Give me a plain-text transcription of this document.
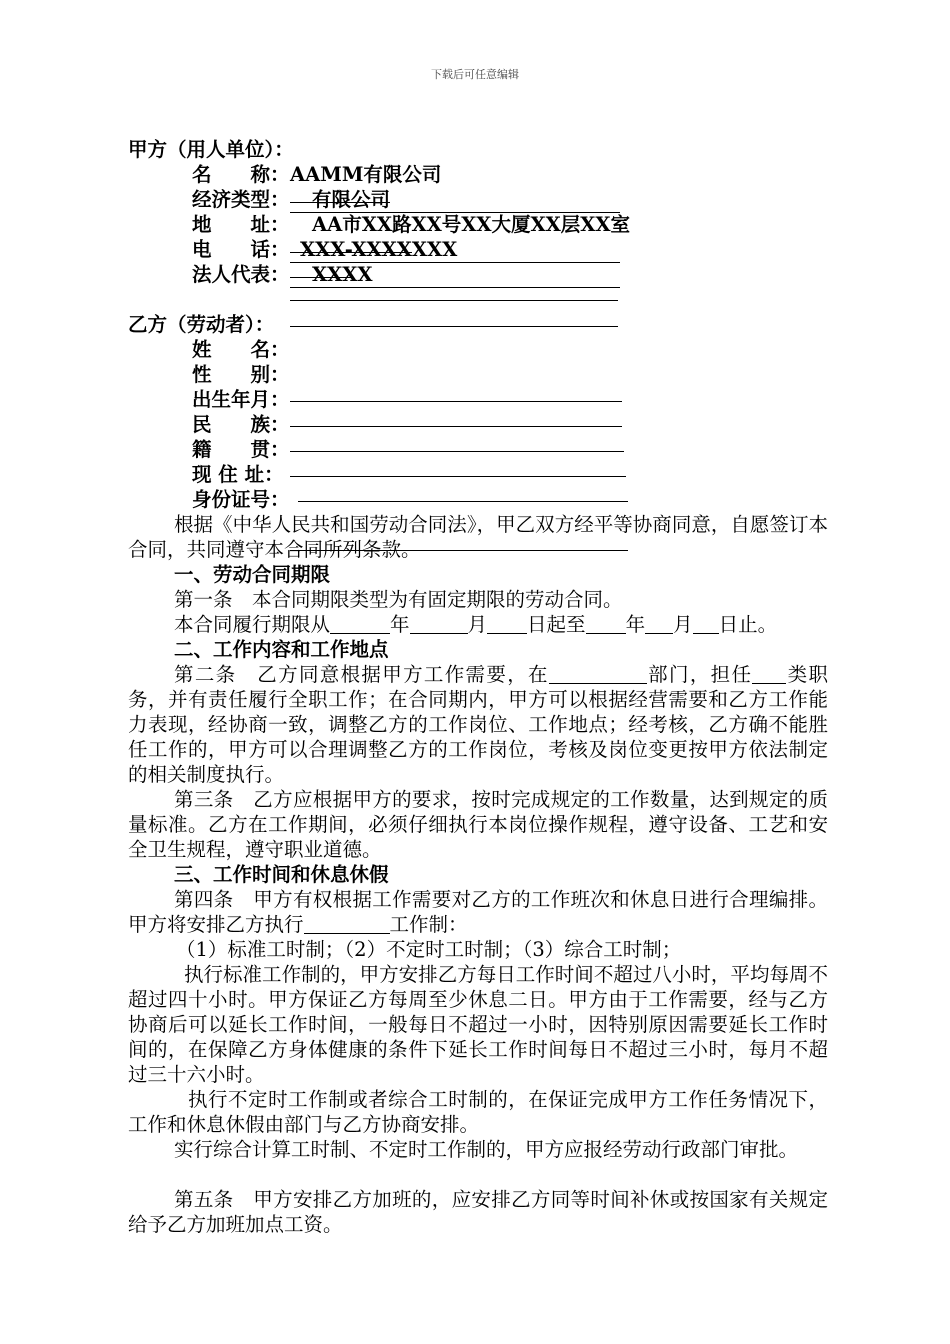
下载后可任意编辑
甲方（用人单位）：
名　　称： AAMM有限公司
经济类型： 有限公司
地　　址： AA市XX路XX号XX大厦XX层XX室
电　　话： XXX-XXXXXXX
法人代表： XXXX
乙方（劳动者）：
姓　　名：
性　　别：
出生年月：
民　　族：
籍　　贯：
现 住 址：
身份证号：
根据《中华人民共和国劳动合同法》，甲乙双方经平等协商同意，自愿签订本合同，共同遵守本合同所列条款。
一、劳动合同期限
第一条　本合同期限类型为有固定期限的劳动合同。
本合同履行期限从	年	月 日起至 年 月 日止。
二、工作内容和工作地点
第二条　乙方同意根据甲方工作需要，在	部门，担任 类职务，并有责任履行全职工作；在合同期内，甲方可以根据经营需要和乙方工作能力表现，经协商一致，调整乙方的工作岗位、工作地点；经考核，乙方确不能胜任工作的，甲方可以合理调整乙方的工作岗位，考核及岗位变更按甲方依法制定的相关制度执行。
第三条　乙方应根据甲方的要求，按时完成规定的工作数量，达到规定的质量标准。乙方在工作期间，必须仔细执行本岗位操作规程，遵守设备、工艺和安全卫生规程，遵守职业道德。
三、工作时间和休息休假
第四条　甲方有权根据工作需要对乙方的工作班次和休息日进行合理编排。甲方将安排乙方执行	工作制：
（1）标准工时制；（2）不定时工时制；（3）综合工时制；
执行标准工作制的，甲方安排乙方每日工作时间不超过八小时，平均每周不超过四十小时。甲方保证乙方每周至少休息二日。甲方由于工作需要，经与乙方协商后可以延长工作时间，一般每日不超过一小时，因特别原因需要延长工作时间的，在保障乙方身体健康的条件下延长工作时间每日不超过三小时，每月不超过三十六小时。
执行不定时工作制或者综合工时制的，在保证完成甲方工作任务情况下，工作和休息休假由部门与乙方协商安排。
实行综合计算工时制、不定时工作制的，甲方应报经劳动行政部门审批。
第五条　甲方安排乙方加班的，应安排乙方同等时间补休或按国家有关规定给予乙方加班加点工资。
